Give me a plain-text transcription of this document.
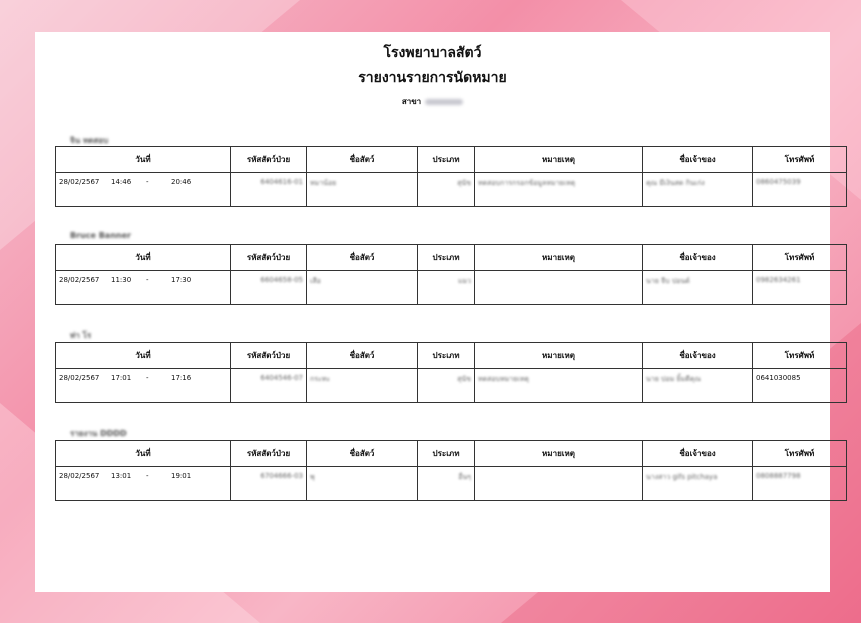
โรงพยาบาลสัตว์
รายงานรายการนัดหมาย
สาขา
จิน ทดสอบ
วันที่	รหัสสัตว์ป่วย	ชื่อสัตว์	ประเภท	หมายเหตุ	ชื่อเจ้าของ	โทรศัพท์
28/02/2567 14:46 - 20:46	6404616-01	หมาน้อย	สุนัข	ทดสอบการกรอกข้อมูลหมายเหตุ	คุณ มีเงินสด กินเก่ง	0860475039
Bruce Banner
วันที่	รหัสสัตว์ป่วย	ชื่อสัตว์	ประเภท	หมายเหตุ	ชื่อเจ้าของ	โทรศัพท์
28/02/2567 11:30 - 17:30	6604658-05	เสือ	แมว		นาย จีบ ปอนด์	0982634261
ท่า โร
วันที่	รหัสสัตว์ป่วย	ชื่อสัตว์	ประเภท	หมายเหตุ	ชื่อเจ้าของ	โทรศัพท์
28/02/2567 17:01 - 17:16	6404546-07	กระทะ	สุนัข	ทดสอบหมายเหตุ	นาย ปอม ยิ้มดีคุณ	0641030085
รายงาน DDDD
วันที่	รหัสสัตว์ป่วย	ชื่อสัตว์	ประเภท	หมายเหตุ	ชื่อเจ้าของ	โทรศัพท์
28/02/2567 13:01 - 19:01	6704666-03	พุ	อื่นๆ		นางสาว gifs pitchaya	0808887798
